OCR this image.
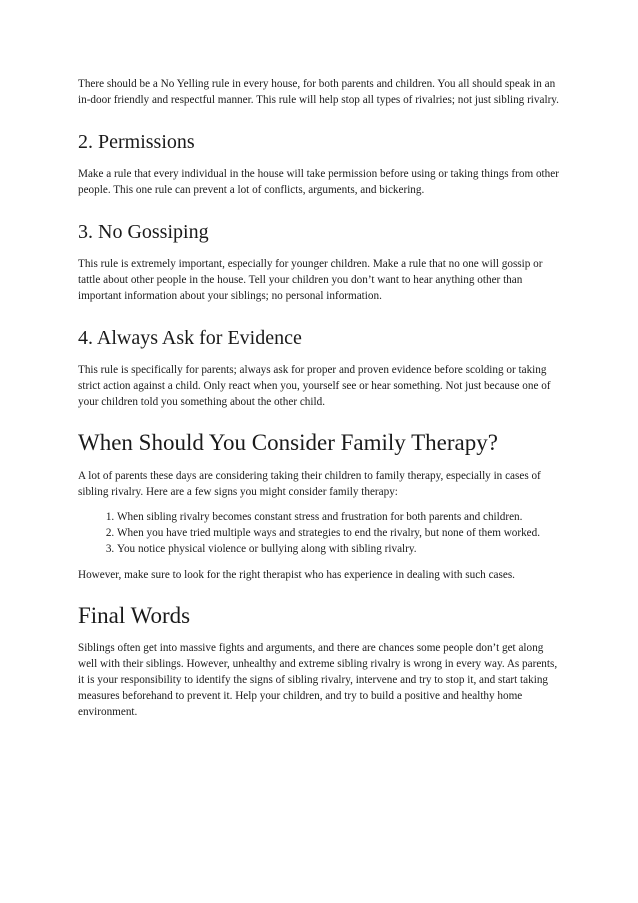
There should be a No Yelling rule in every house, for both parents and children. You all should speak in an in-door friendly and respectful manner. This rule will help stop all types of rivalries; not just sibling rivalry.

2. Permissions

Make a rule that every individual in the house will take permission before using or taking things from other people. This one rule can prevent a lot of conflicts, arguments, and bickering.

3. No Gossiping

This rule is extremely important, especially for younger children. Make a rule that no one will gossip or tattle about other people in the house. Tell your children you don’t want to hear anything other than important information about your siblings; no personal information.

4. Always Ask for Evidence

This rule is specifically for parents; always ask for proper and proven evidence before scolding or taking strict action against a child. Only react when you, yourself see or hear something. Not just because one of your children told you something about the other child.

When Should You Consider Family Therapy?

A lot of parents these days are considering taking their children to family therapy, especially in cases of sibling rivalry. Here are a few signs you might consider family therapy:

1. When sibling rivalry becomes constant stress and frustration for both parents and children.
2. When you have tried multiple ways and strategies to end the rivalry, but none of them worked.
3. You notice physical violence or bullying along with sibling rivalry.

However, make sure to look for the right therapist who has experience in dealing with such cases.

Final Words

Siblings often get into massive fights and arguments, and there are chances some people don’t get along well with their siblings. However, unhealthy and extreme sibling rivalry is wrong in every way. As parents, it is your responsibility to identify the signs of sibling rivalry, intervene and try to stop it, and start taking measures beforehand to prevent it. Help your children, and try to build a positive and healthy home environment.
